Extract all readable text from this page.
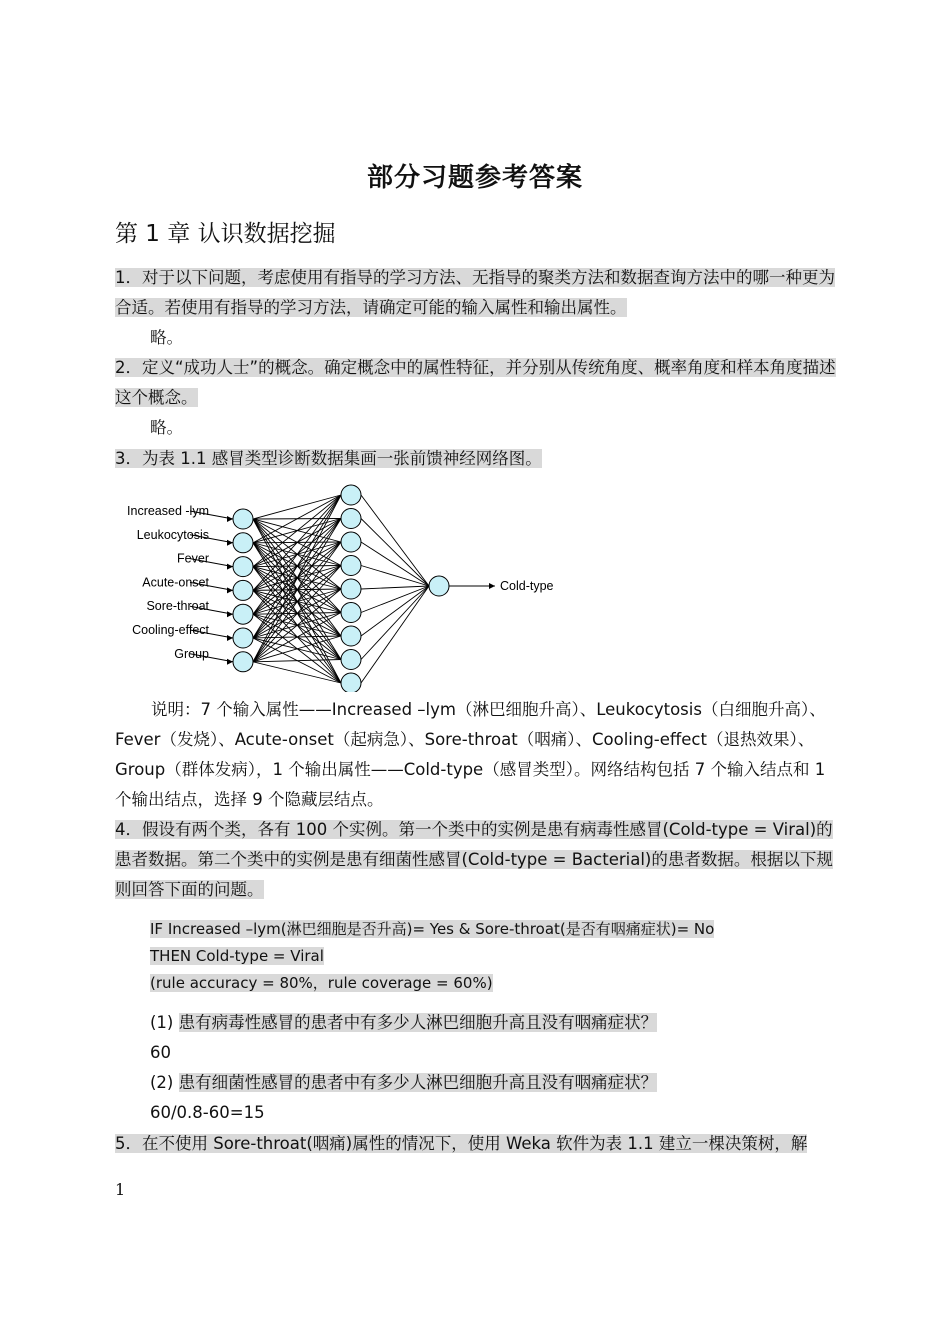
部分习题参考答案
第 1 章 认识数据挖掘
1．对于以下问题，考虑使用有指导的学习方法、无指导的聚类方法和数据查询方法中的哪一种更为合适。若使用有指导的学习方法，请确定可能的输入属性和输出属性。
略。
2．定义“成功人士”的概念。确定概念中的属性特征，并分别从传统角度、概率角度和样本角度描述这个概念。
略。
3．为表 1.1 感冒类型诊断数据集画一张前馈神经网络图。
Increased -lym
Leukocytosis
Fever
Acute-onset
Sore-throat
Cooling-effect
Group
Cold-type
说明：7 个输入属性——Increased –lym（淋巴细胞升高）、Leukocytosis（白细胞升高）、Fever（发烧）、Acute-onset（起病急）、Sore-throat（咽痛）、Cooling-effect（退热效果）、Group（群体发病），1 个输出属性——Cold-type（感冒类型）。网络结构包括 7 个输入结点和 1 个输出结点，选择 9 个隐藏层结点。
4．假设有两个类，各有 100 个实例。第一个类中的实例是患有病毒性感冒(Cold-type = Viral)的患者数据。第二个类中的实例是患有细菌性感冒(Cold-type = Bacterial)的患者数据。根据以下规则回答下面的问题。
IF Increased –lym(淋巴细胞是否升高)= Yes & Sore-throat(是否有咽痛症状)= No
THEN Cold-type = Viral
(rule accuracy = 80%，rule coverage = 60%)
(1) 患有病毒性感冒的患者中有多少人淋巴细胞升高且没有咽痛症状？
60
(2) 患有细菌性感冒的患者中有多少人淋巴细胞升高且没有咽痛症状？
60/0.8-60=15
5．在不使用 Sore-throat(咽痛)属性的情况下，使用 Weka 软件为表 1.1 建立一棵决策树，解
1
